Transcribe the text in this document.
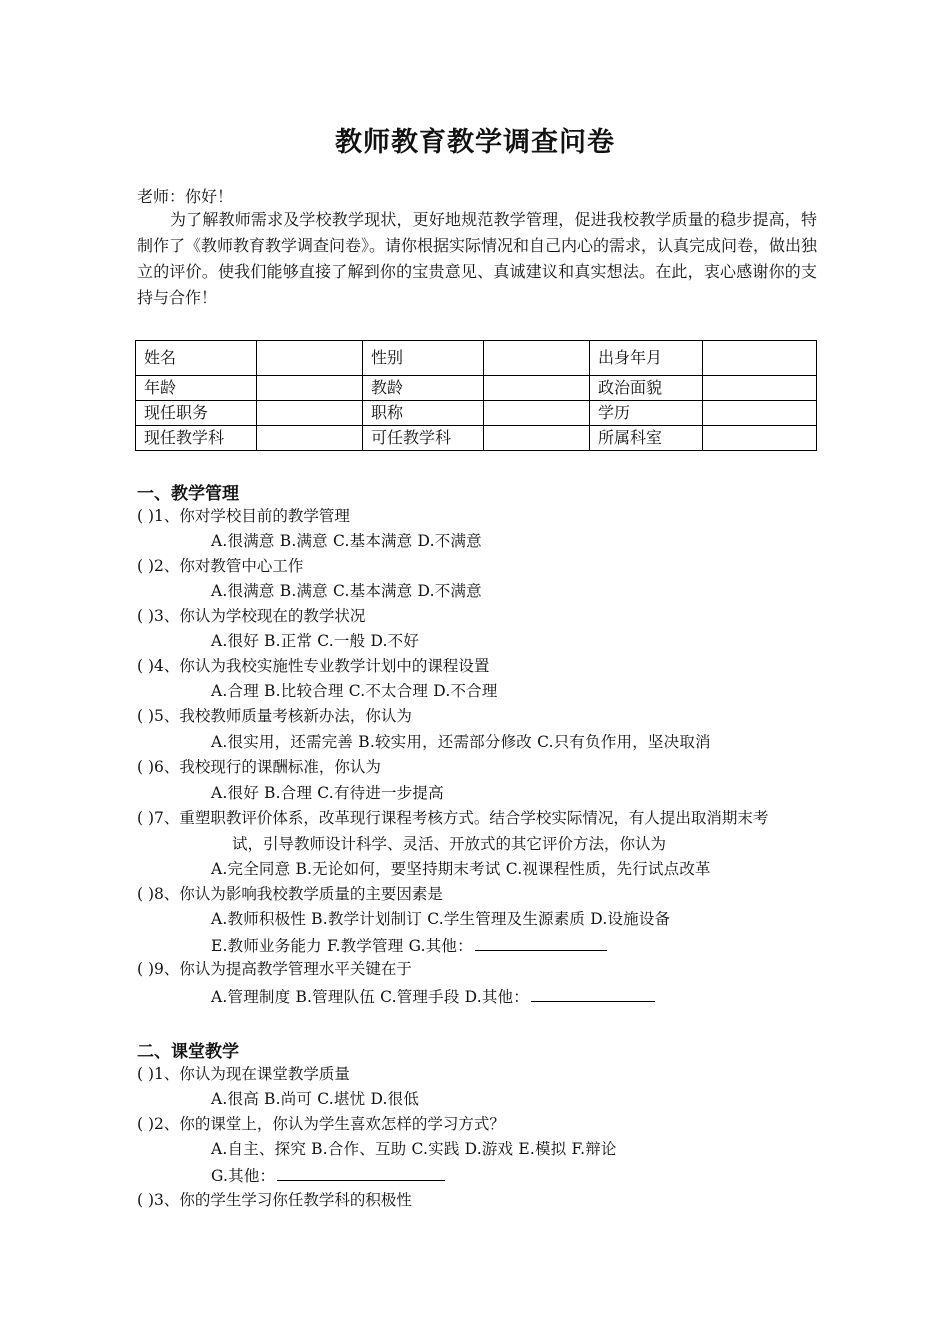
教师教育教学调查问卷
老师：你好！
为了解教师需求及学校教学现状，更好地规范教学管理，促进我校教学质量的稳步提高，特制作了《教师教育教学调查问卷》。请你根据实际情况和自己内心的需求，认真完成问卷，做出独立的评价。使我们能够直接了解到你的宝贵意见、真诚建议和真实想法。在此，衷心感谢你的支持与合作！
姓名		性别		出身年月	
年龄		教龄		政治面貌	
现任职务		职称		学历	
现任教学科		可任教学科		所属科室	
一、教学管理
( )1、你对学校目前的教学管理
A.很满意 B.满意 C.基本满意 D.不满意
( )2、你对教管中心工作
A.很满意 B.满意 C.基本满意 D.不满意
( )3、你认为学校现在的教学状况
A.很好 B.正常 C.一般 D.不好
( )4、你认为我校实施性专业教学计划中的课程设置
A.合理 B.比较合理 C.不太合理 D.不合理
( )5、我校教师质量考核新办法，你认为
A.很实用，还需完善 B.较实用，还需部分修改 C.只有负作用，坚决取消
( )6、我校现行的课酬标准，你认为
A.很好 B.合理 C.有待进一步提高
( )7、重塑职教评价体系，改革现行课程考核方式。结合学校实际情况，有人提出取消期末考
试，引导教师设计科学、灵活、开放式的其它评价方法，你认为
A.完全同意 B.无论如何，要坚持期末考试 C.视课程性质，先行试点改革
( )8、你认为影响我校教学质量的主要因素是
A.教师积极性 B.教学计划制订 C.学生管理及生源素质 D.设施设备
E.教师业务能力 F.教学管理 G.其他：
( )9、你认为提高教学管理水平关键在于
A.管理制度 B.管理队伍 C.管理手段 D.其他：
二、课堂教学
( )1、你认为现在课堂教学质量
A.很高 B.尚可 C.堪忧 D.很低
( )2、你的课堂上，你认为学生喜欢怎样的学习方式？
A.自主、探究 B.合作、互助 C.实践 D.游戏 E.模拟 F.辩论
G.其他：
( )3、你的学生学习你任教学科的积极性
